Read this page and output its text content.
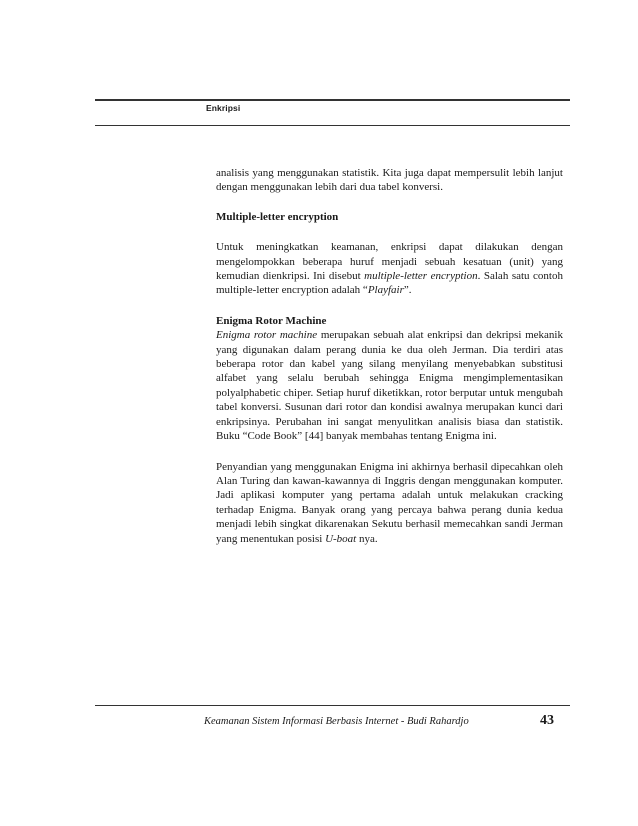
Enkripsi

analisis yang menggunakan statistik. Kita juga dapat mempersulit lebih lanjut dengan menggunakan lebih dari dua tabel konversi.

Multiple-letter encryption

Untuk meningkatkan keamanan, enkripsi dapat dilakukan dengan mengelompokkan beberapa huruf menjadi sebuah kesatuan (unit) yang kemudian dienkripsi. Ini disebut multiple-letter encryption. Salah satu contoh multiple-letter encryption adalah “Playfair”.

Enigma Rotor Machine

Enigma rotor machine merupakan sebuah alat enkripsi dan dekripsi mekanik yang digunakan dalam perang dunia ke dua oleh Jerman. Dia terdiri atas beberapa rotor dan kabel yang silang menyilang menyebabkan substitusi alfabet yang selalu berubah sehingga Enigma mengimplementasikan polyalphabetic chiper. Setiap huruf diketikkan, rotor berputar untuk mengubah tabel konversi. Susunan dari rotor dan kondisi awalnya merupakan kunci dari enkripsinya. Perubahan ini sangat menyulitkan analisis biasa dan statistik. Buku “Code Book” [44] banyak membahas tentang Enigma ini.

Penyandian yang menggunakan Enigma ini akhirnya berhasil dipecahkan oleh Alan Turing dan kawan-kawannya di Inggris dengan menggunakan komputer. Jadi aplikasi komputer yang pertama adalah untuk melakukan cracking terhadap Enigma. Banyak orang yang percaya bahwa perang dunia kedua menjadi lebih singkat dikarenakan Sekutu berhasil memecahkan sandi Jerman yang menentukan posisi U-boat nya.

Keamanan Sistem Informasi Berbasis Internet - Budi Rahardjo	43
